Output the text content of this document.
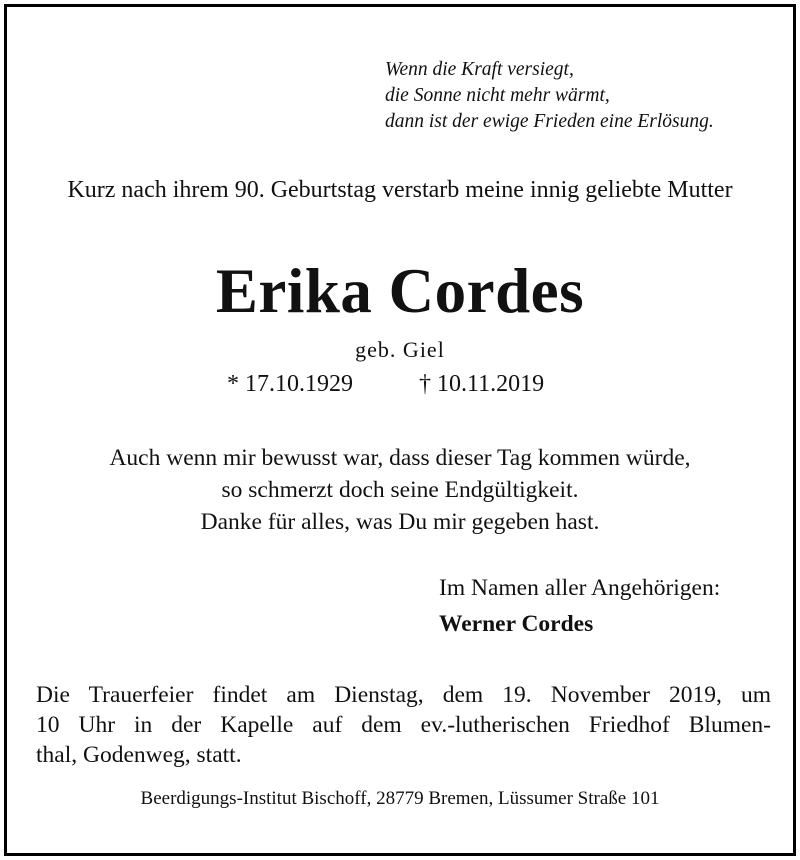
Wenn die Kraft versiegt,
die Sonne nicht mehr wärmt,
dann ist der ewige Frieden eine Erlösung.
Kurz nach ihrem 90. Geburtstag verstarb meine innig geliebte Mutter
Erika Cordes
geb. Giel
* 17.10.1929	† 10.11.2019
Auch wenn mir bewusst war, dass dieser Tag kommen würde,
so schmerzt doch seine Endgültigkeit.
Danke für alles, was Du mir gegeben hast.
Im Namen aller Angehörigen:
Werner Cordes
Die Trauerfeier findet am Dienstag, dem 19. November 2019, um
10 Uhr in der Kapelle auf dem ev.-lutherischen Friedhof Blumen-
thal, Godenweg, statt.
Beerdigungs-Institut Bischoff, 28779 Bremen, Lüssumer Straße 101
